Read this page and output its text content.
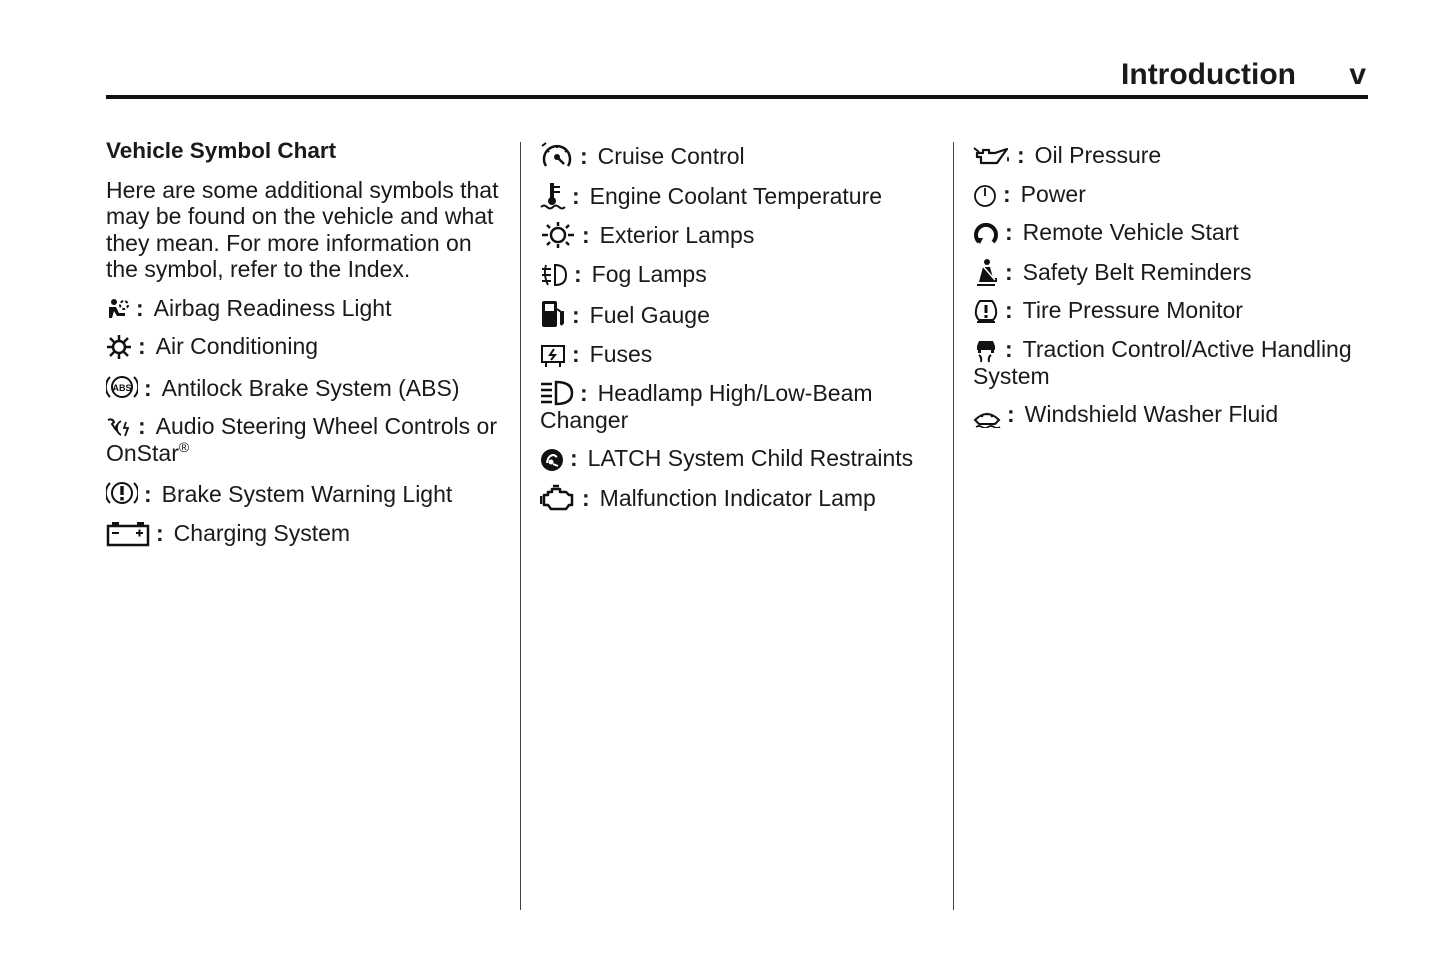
Introduction v
Vehicle Symbol Chart
Here are some additional symbols that may be found on the vehicle and what they mean. For more information on the symbol, refer to the Index.
: Airbag Readiness Light
: Air Conditioning
ABS : Antilock Brake System (ABS)
: Audio Steering Wheel Controls or OnStar®
: Brake System Warning Light
: Charging System
: Cruise Control
: Engine Coolant Temperature
: Exterior Lamps
: Fog Lamps
: Fuel Gauge
: Fuses
: Headlamp High/Low-Beam Changer
: LATCH System Child Restraints
: Malfunction Indicator Lamp
: Oil Pressure
: Power
: Remote Vehicle Start
: Safety Belt Reminders
: Tire Pressure Monitor
: Traction Control/Active Handling System
: Windshield Washer Fluid
